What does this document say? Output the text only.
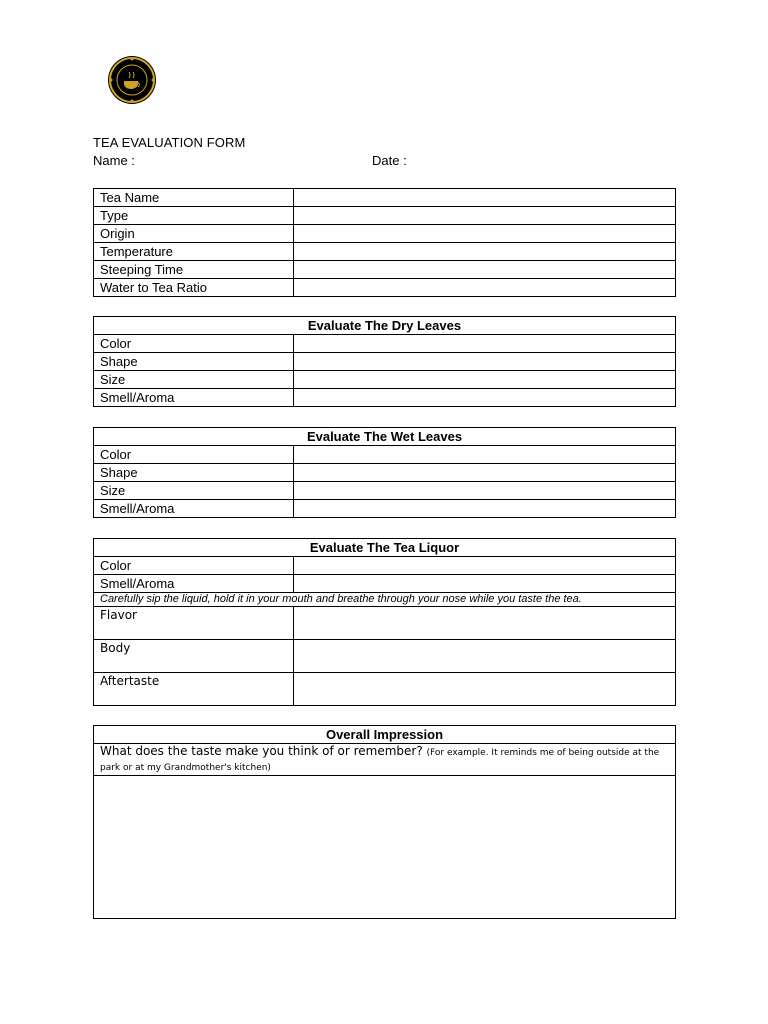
TEA EVALUATION FORM
Name :	Date :
Tea Name	
Type	
Origin	
Temperature	
Steeping Time	
Water to Tea Ratio	
Evaluate The Dry Leaves	
Color	
Shape	
Size	
Smell/Aroma	
Evaluate The Wet Leaves	
Color	
Shape	
Size	
Smell/Aroma	
Evaluate The Tea Liquor	
Color	
Smell/Aroma	
Carefully sip the liquid, hold it in your mouth and breathe through your nose while you taste the tea.	
Flavor	
Body	
Aftertaste	
Overall Impression
What does the taste make you think of or remember? (For example. It reminds me of being outside at the park or at my Grandmother's kitchen)
